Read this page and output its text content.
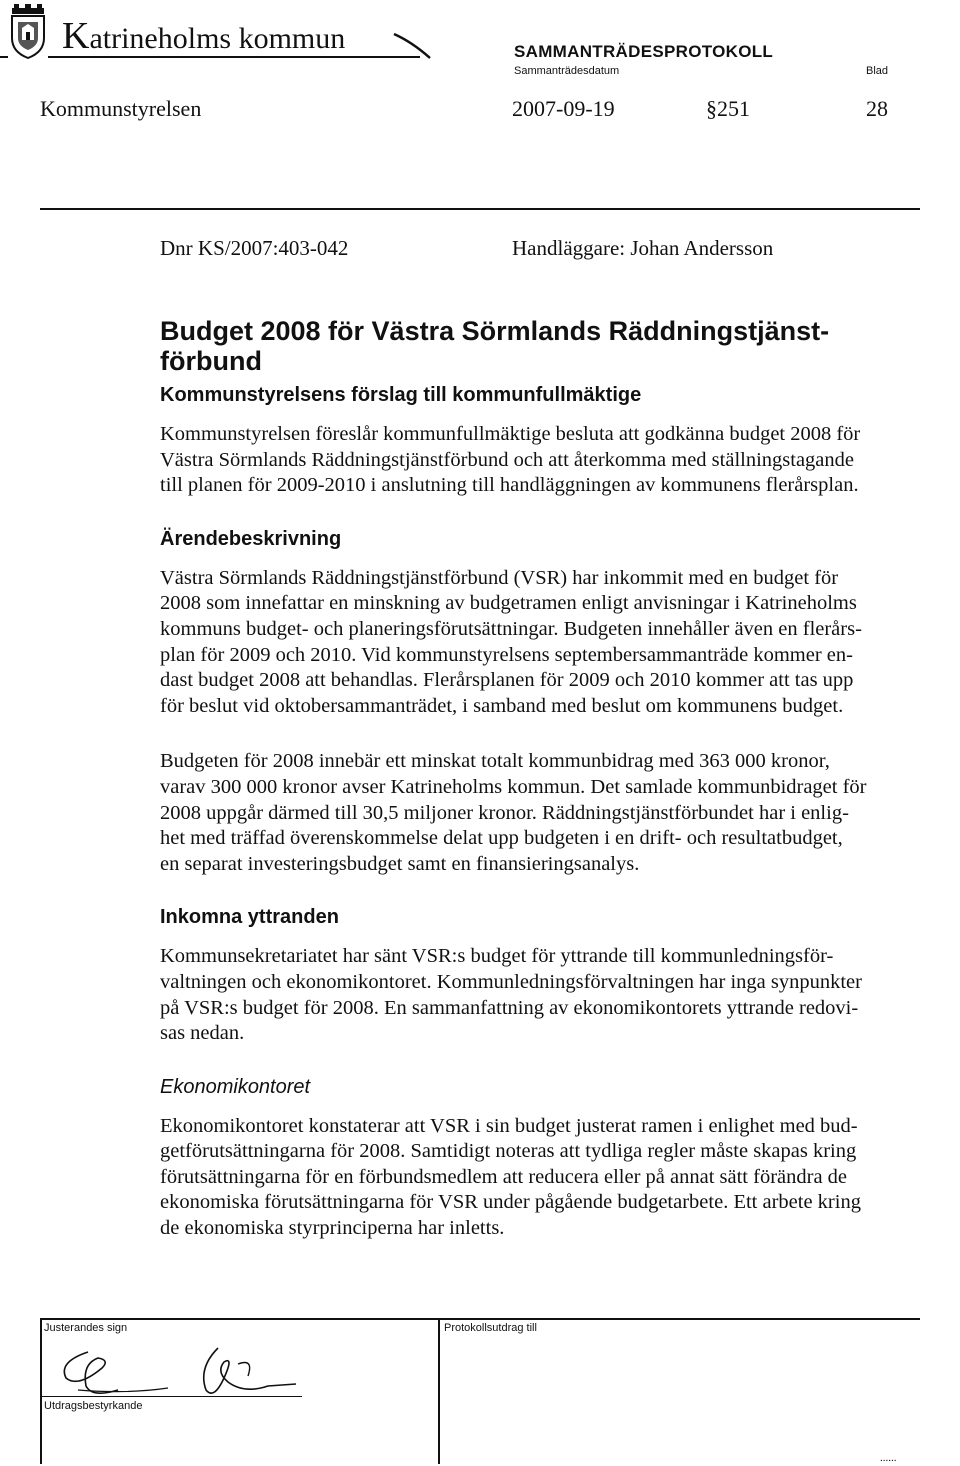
Katrineholms kommun	SAMMANTRÄDESPROTOKOLL
Sammanträdesdatum	Blad
Kommunstyrelsen	2007-09-19	§251	28
Dnr KS/2007:403-042	Handläggare: Johan Andersson
Budget 2008 för Västra Sörmlands Räddningstjänst-
förbund
Kommunstyrelsens förslag till kommunfullmäktige
Kommunstyrelsen föreslår kommunfullmäktige besluta att godkänna budget 2008 för
Västra Sörmlands Räddningstjänstförbund och att återkomma med ställningstagande
till planen för 2009-2010 i anslutning till handläggningen av kommunens flerårsplan.
Ärendebeskrivning
Västra Sörmlands Räddningstjänstförbund (VSR) har inkommit med en budget för
2008 som innefattar en minskning av budgetramen enligt anvisningar i Katrineholms
kommuns budget- och planeringsförutsättningar. Budgeten innehåller även en flerårs-
plan för 2009 och 2010. Vid kommunstyrelsens septembersammanträde kommer en-
dast budget 2008 att behandlas. Flerårsplanen för 2009 och 2010 kommer att tas upp
för beslut vid oktobersammanträdet, i samband med beslut om kommunens budget.
Budgeten för 2008 innebär ett minskat totalt kommunbidrag med 363 000 kronor,
varav 300 000 kronor avser Katrineholms kommun. Det samlade kommunbidraget för
2008 uppgår därmed till 30,5 miljoner kronor. Räddningstjänstförbundet har i enlig-
het med träffad överenskommelse delat upp budgeten i en drift- och resultatbudget,
en separat investeringsbudget samt en finansieringsanalys.
Inkomna yttranden
Kommunsekretariatet har sänt VSR:s budget för yttrande till kommunledningsför-
valtningen och ekonomikontoret. Kommunledningsförvaltningen har inga synpunkter
på VSR:s budget för 2008. En sammanfattning av ekonomikontorets yttrande redovi-
sas nedan.
Ekonomikontoret
Ekonomikontoret konstaterar att VSR i sin budget justerat ramen i enlighet med bud-
getförutsättningarna för 2008. Samtidigt noteras att tydliga regler måste skapas kring
förutsättningarna för en förbundsmedlem att reducera eller på annat sätt förändra de
ekonomiska förutsättningarna för VSR under pågående budgetarbete. Ett arbete kring
de ekonomiska styrprinciperna har inletts.
Justerandes sign	Protokollsutdrag till
Utdragsbestyrkande
......
